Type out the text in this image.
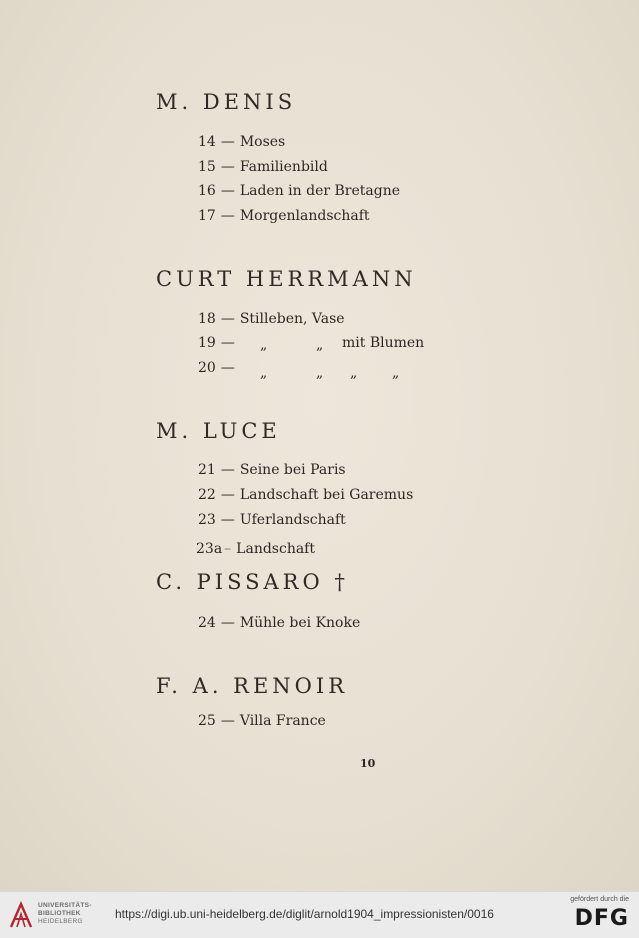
M. DENIS
14 — Moses
15 — Familienbild
16 — Laden in der Bretagne
17 — Morgenlandschaft
CURT HERRMANN
18 — Stilleben, Vase
19 — „	„ mit Blumen
20 — „	„ „ „
M. LUCE
21 — Seine bei Paris
22 — Landschaft bei Garemus
23 — Uferlandschaft
23a – Landschaft
C. PISSARO †
24 — Mühle bei Knoke
F. A. RENOIR
25 — Villa France
10
UNIVERSITÄTS-
BIBLIOTHEK
HEIDELBERG
https://digi.ub.uni-heidelberg.de/diglit/arnold1904_impressionisten/0016
gefördert durch die
DFG
